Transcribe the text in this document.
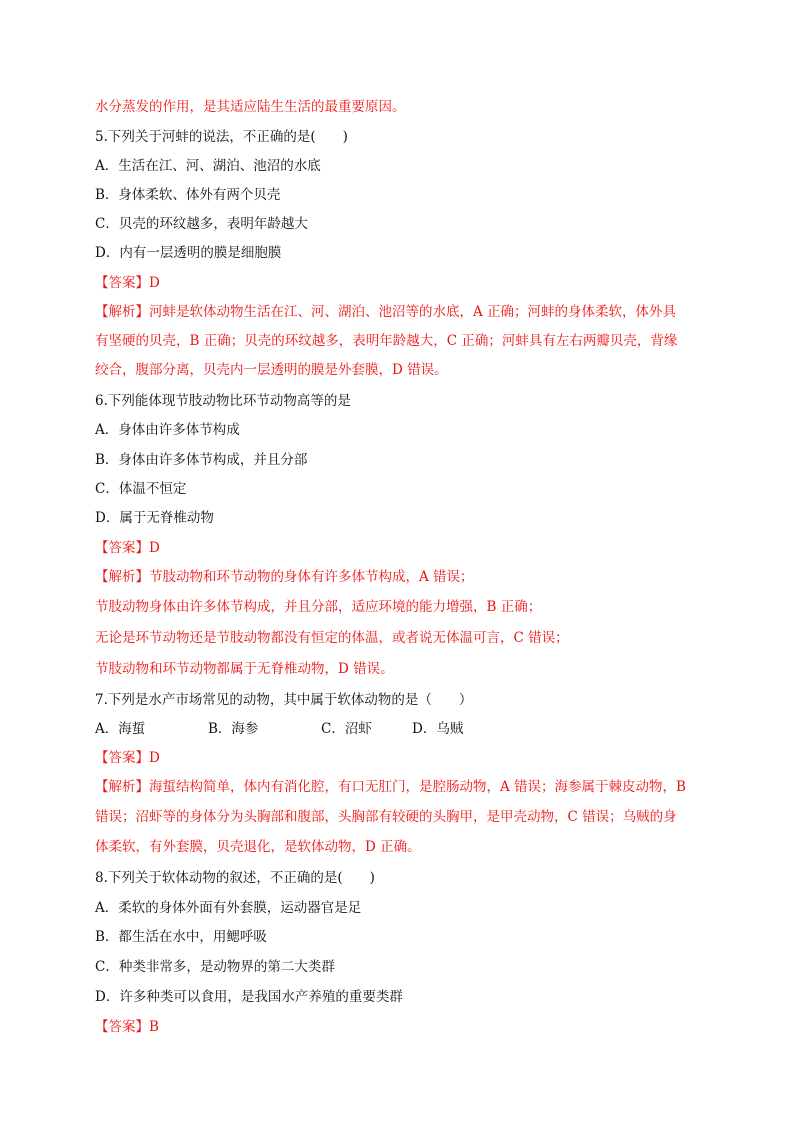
水分蒸发的作用，是其适应陆生生活的最重要原因。
5.下列关于河蚌的说法，不正确的是(　　)
A．生活在江、河、湖泊、池沼的水底
B．身体柔软、体外有两个贝壳
C．贝壳的环纹越多，表明年龄越大
D．内有一层透明的膜是细胞膜
【答案】D
【解析】河蚌是软体动物生活在江、河、湖泊、池沼等的水底，A 正确；河蚌的身体柔软，体外具
有坚硬的贝壳，B 正确；贝壳的环纹越多，表明年龄越大，C 正确；河蚌具有左右两瓣贝壳，背缘
绞合，腹部分离，贝壳内一层透明的膜是外套膜，D 错误。
6.下列能体现节肢动物比环节动物高等的是
A．身体由许多体节构成
B．身体由许多体节构成，并且分部
C．体温不恒定
D．属于无脊椎动物
【答案】D
【解析】节肢动物和环节动物的身体有许多体节构成，A 错误；
节肢动物身体由许多体节构成，并且分部，适应环境的能力增强，B 正确；
无论是环节动物还是节肢动物都没有恒定的体温，或者说无体温可言，C 错误；
节肢动物和环节动物都属于无脊椎动物，D 错误。
7.下列是水产市场常见的动物，其中属于软体动物的是（　　）
A．海蜇	B．海参	C．沼虾	D．乌贼
【答案】D
【解析】海蜇结构简单，体内有消化腔，有口无肛门，是腔肠动物，A 错误；海参属于棘皮动物，B
错误；沼虾等的身体分为头胸部和腹部，头胸部有较硬的头胸甲，是甲壳动物，C 错误；乌贼的身
体柔软，有外套膜，贝壳退化，是软体动物，D 正确。
8.下列关于软体动物的叙述，不正确的是(　　)
A．柔软的身体外面有外套膜，运动器官是足
B．都生活在水中，用鳃呼吸
C．种类非常多，是动物界的第二大类群
D．许多种类可以食用，是我国水产养殖的重要类群
【答案】B
